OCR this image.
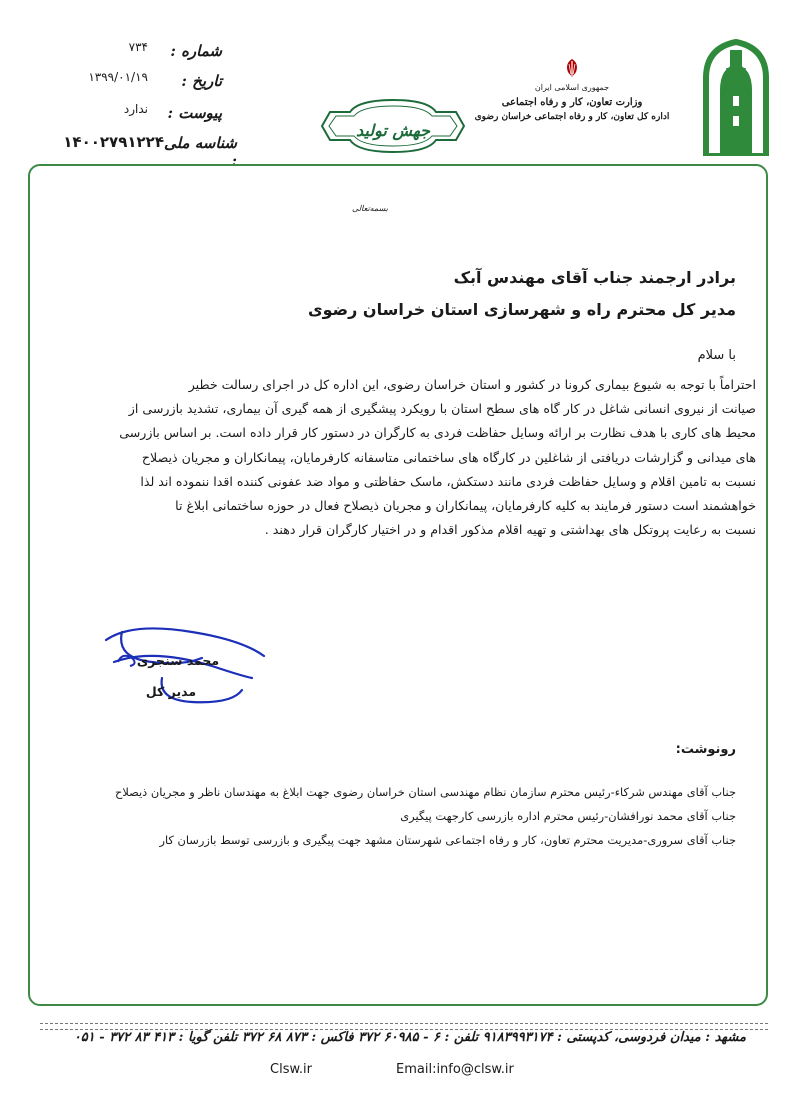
جمهوری اسلامی ایران
وزارت تعاون، کار و رفاه اجتماعی
اداره کل تعاون، کار و رفاه اجتماعی خراسان رضوی
جهش تولید
شماره :
۷۳۴
تاریخ :
۱۳۹۹/۰۱/۱۹
پیوست :
ندارد
شناسه ملی :
۱۴۰۰۲۷۹۱۲۲۴
بسمه‌تعالی
برادر ارجمند جناب آقای مهندس آبک
مدیر کل محترم راه و شهرسازی استان خراسان رضوی
با سلام
احتراماً با توجه به شیوع بیماری کرونا در کشور و استان خراسان رضوی، این اداره کل در اجرای رسالت خطیر
صیانت از نیروی انسانی شاغل در کار گاه های سطح استان با رویکرد پیشگیری از همه گیری آن بیماری، تشدید بازرسی از
محیط های کاری با هدف نظارت بر ارائه وسایل حفاظت فردی به کارگران در دستور کار قرار داده است. بر اساس بازرسی
های میدانی و گزارشات دریافتی از شاغلین در کارگاه های ساختمانی متاسفانه کارفرمایان، پیمانکاران و مجریان ذیصلاح
نسبت به تامین اقلام و وسایل حفاظت فردی مانند دستکش، ماسک حفاظتی و مواد ضد عفونی کننده اقدا ننموده اند لذا
خواهشمند است دستور فرمایند به کلیه کارفرمایان، پیمانکاران و مجریان ذیصلاح فعال در حوزه ساختمانی ابلاغ تا
نسبت به رعایت پروتکل های بهداشتی و تهیه اقلام مذکور اقدام و در اختیار کارگران قرار دهند .
محمد سنجری
مدیر کل
رونوشت:
جناب آقای مهندس شرکاء-رئیس محترم سازمان نظام مهندسی استان خراسان رضوی جهت ابلاغ به مهندسان ناظر و مجریان ذیصلاح
جناب آقای محمد نورافشان-رئیس محترم اداره بازرسی کارجهت پیگیری
جناب آقای سروری-مدیریت محترم تعاون، کار و رفاه اجتماعی شهرستان مشهد جهت پیگیری و بازرسی توسط بازرسان کار
مشهد : میدان فردوسی، کدپستی : ۹۱۸۳۹۹۳۱۷۴ تلفن : ۶ - ۶۰۹۸۵ ۳۷۲ فاکس : ۸۷۳ ۶۸ ۳۷۲ تلفن گویا : ۴۱۳ ۸۳ ۳۷۲ - ۰۵۱
Clsw.ir	Email:info@clsw.ir
